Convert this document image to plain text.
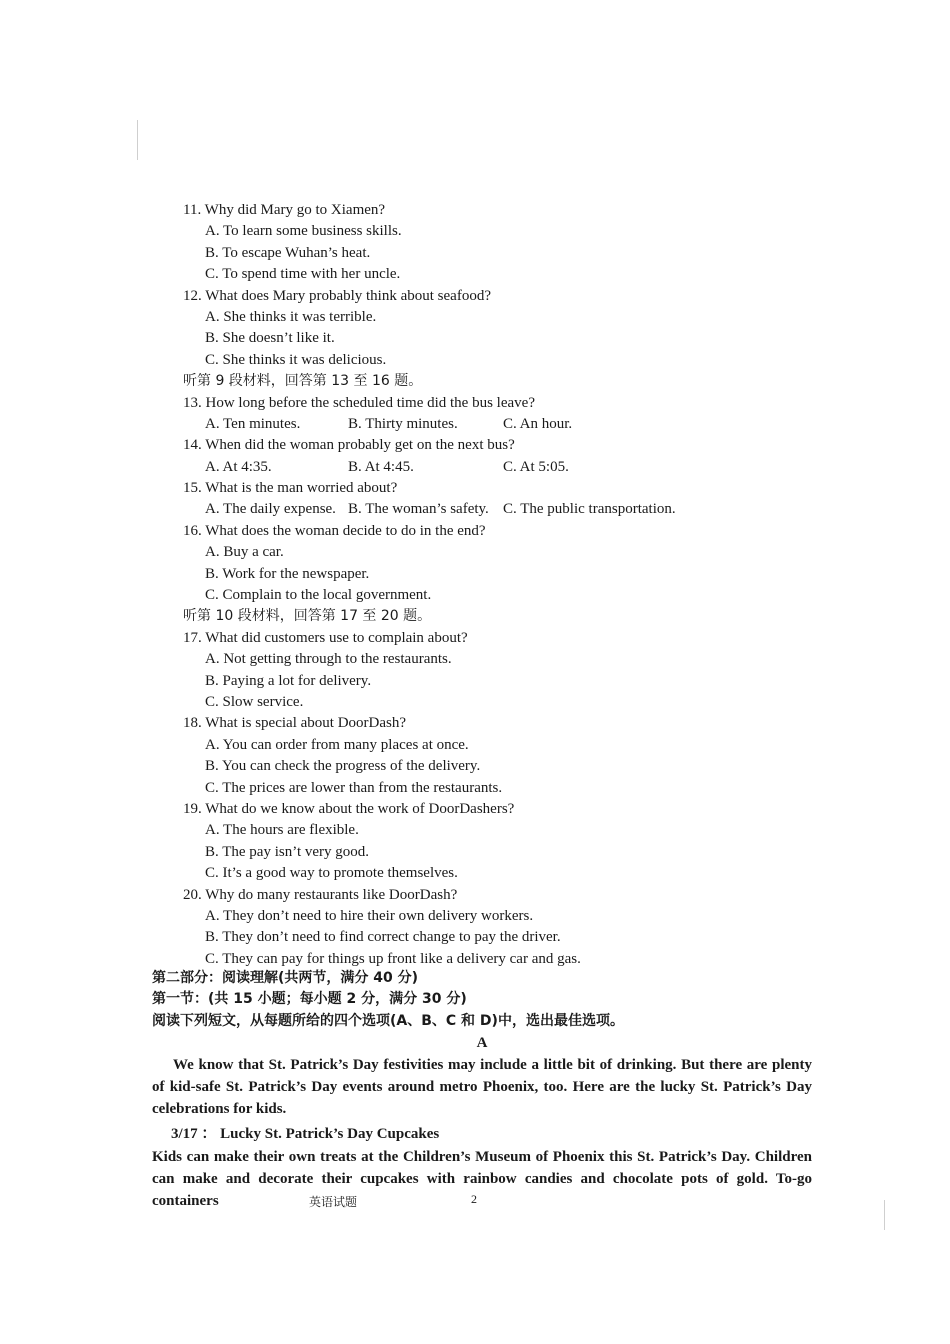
11. Why did Mary go to Xiamen?
A. To learn some business skills.
B. To escape Wuhan’s heat.
C. To spend time with her uncle.
12. What does Mary probably think about seafood?
A. She thinks it was terrible.
B. She doesn’t like it.
C. She thinks it was delicious.
听第 9 段材料，回答第 13 至 16 题。
13. How long before the scheduled time did the bus leave?
A. Ten minutes.	B. Thirty minutes.	C. An hour.
14. When did the woman probably get on the next bus?
A. At 4:35.	B. At 4:45.	C. At 5:05.
15. What is the man worried about?
A. The daily expense. B. The woman’s safety. C. The public transportation.
16. What does the woman decide to do in the end?
A. Buy a car.
B. Work for the newspaper.
C. Complain to the local government.
听第 10 段材料，回答第 17 至 20 题。
17. What did customers use to complain about?
A. Not getting through to the restaurants.
B. Paying a lot for delivery.
C. Slow service.
18. What is special about DoorDash?
A. You can order from many places at once.
B. You can check the progress of the delivery.
C. The prices are lower than from the restaurants.
19. What do we know about the work of DoorDashers?
A. The hours are flexible.
B. The pay isn’t very good.
C. It’s a good way to promote themselves.
20. Why do many restaurants like DoorDash?
A. They don’t need to hire their own delivery workers.
B. They don’t need to find correct change to pay the driver.
C. They can pay for things up front like a delivery car and gas.
第二部分：阅读理解(共两节，满分 40 分)
第一节：(共 15 小题；每小题 2 分，满分 30 分)
阅读下列短文，从每题所给的四个选项(A、B、C 和 D)中，选出最佳选项。
A
We know that St. Patrick’s Day festivities may include a little bit of drinking. But there are plenty of kid-safe St. Patrick’s Day events around metro Phoenix, too. Here are the lucky St. Patrick’s Day celebrations for kids.
3/17 ： Lucky St. Patrick’s Day Cupcakes
Kids can make their own treats at the Children’s Museum of Phoenix this St. Patrick’s Day. Children can make and decorate their cupcakes with rainbow candies and chocolate pots of gold. To-go containers	英语试题	2
